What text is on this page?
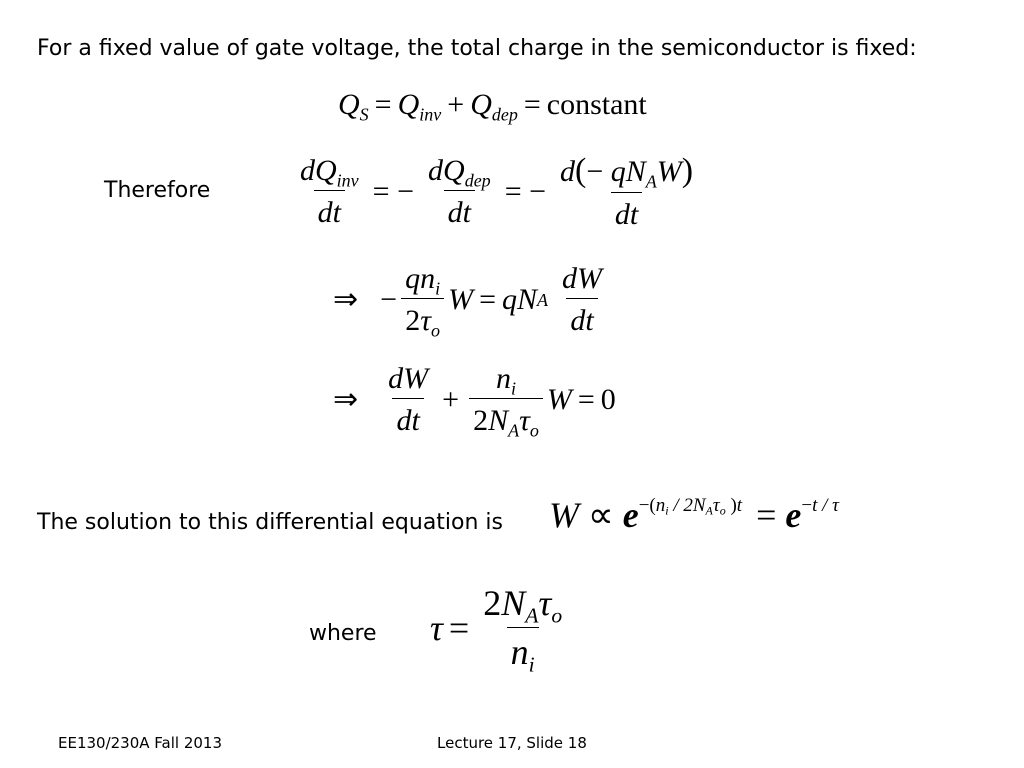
For a fixed value of gate voltage, the total charge in the semiconductor is fixed:
$Q_S = Q_{inv} + Q_{dep}$ = constant
Therefore	$\frac{dQ_{inv}}{dt}$ = − $\frac{dQ_{dep}}{dt}$ = − $\frac{d(- qN_AW)}{dt}$
⇒ − $\frac{qn_i}{2\tau_o}$ W = qN A $\frac{dW}{dt}$
⇒ $\frac{dW}{dt} + \frac{n_i}{2N_A\tau_o}$ W = 0
The solution to this differential equation is $W \propto e^{-(ni / 2NA\tau o )t} = e^{-t / \tau}$
where $\tau = \frac{2N_A\tau_o}{n_i}$
EE130/230A Fall 2013	Lecture 17, Slide 18
